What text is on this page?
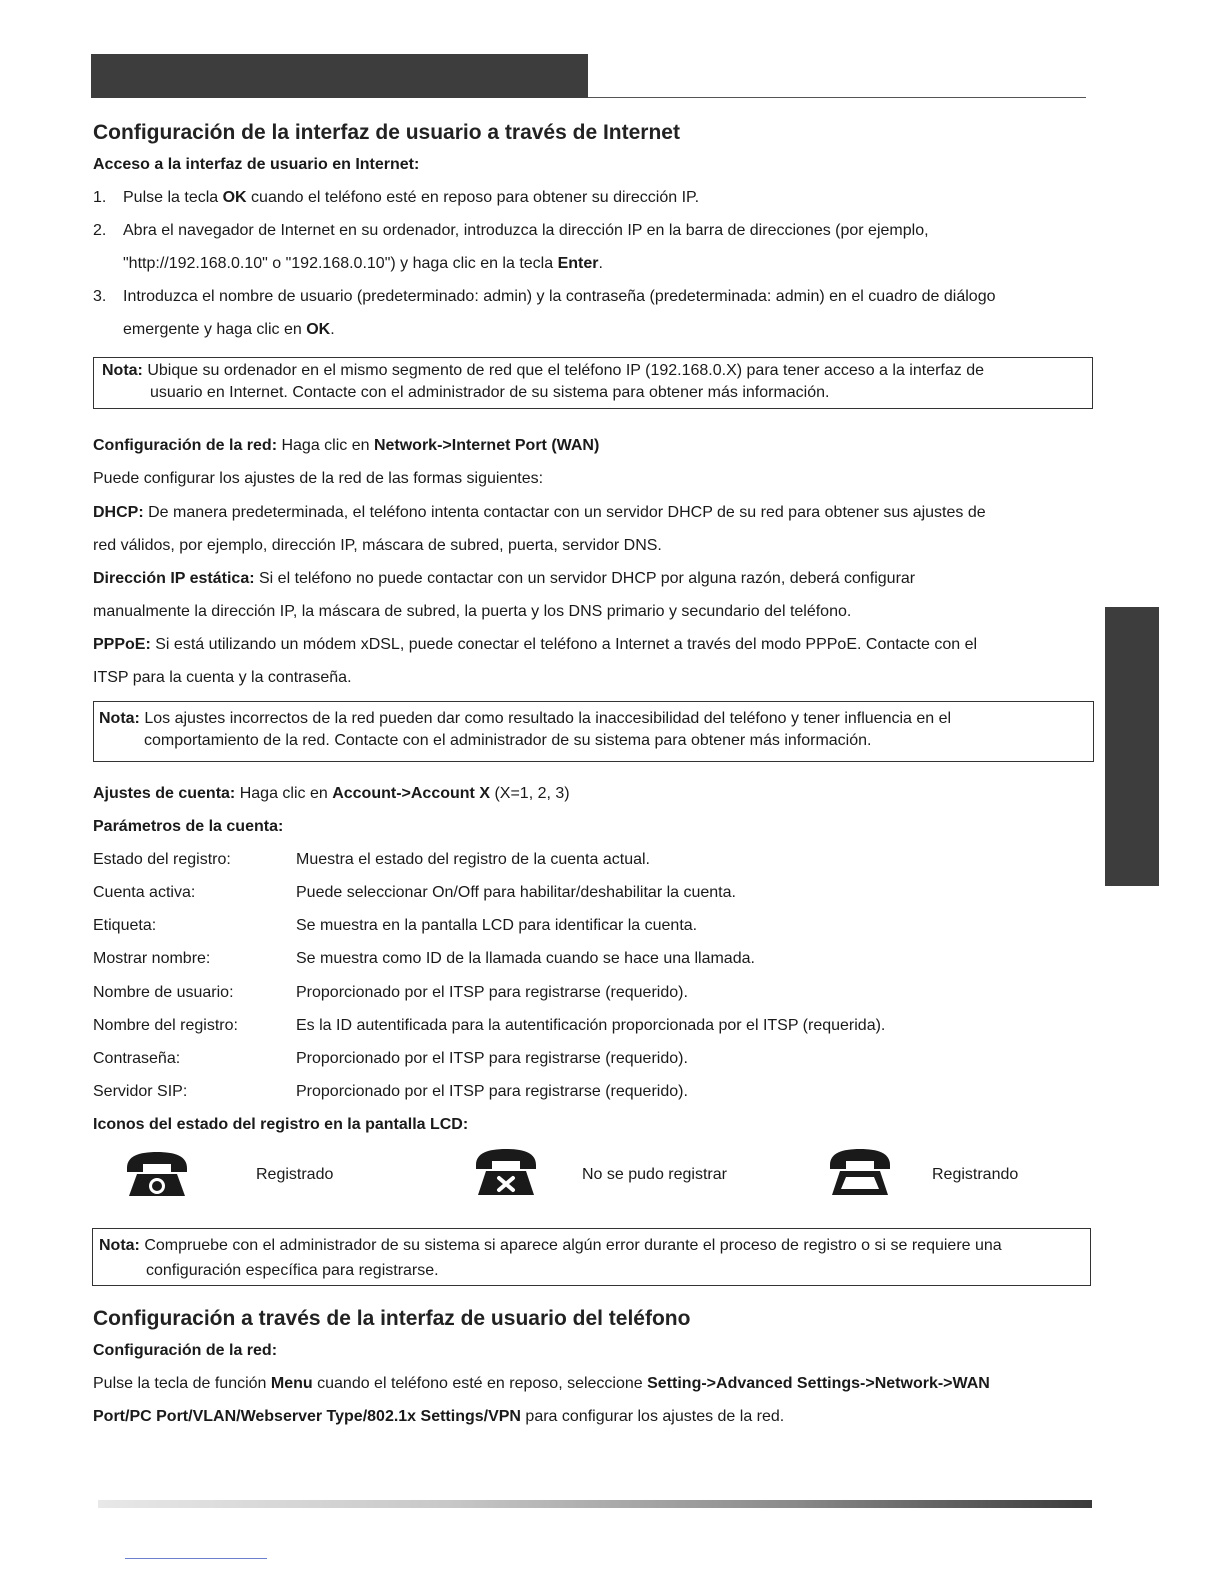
Configuración de la interfaz de usuario a través de Internet
Acceso a la interfaz de usuario en Internet:
1. Pulse la tecla OK cuando el teléfono esté en reposo para obtener su dirección IP.
2. Abra el navegador de Internet en su ordenador, introduzca la dirección IP en la barra de direcciones (por ejemplo,
"http://192.168.0.10" o "192.168.0.10") y haga clic en la tecla Enter.
3. Introduzca el nombre de usuario (predeterminado: admin) y la contraseña (predeterminada: admin) en el cuadro de diálogo
emergente y haga clic en OK.
Nota: Ubique su ordenador en el mismo segmento de red que el teléfono IP (192.168.0.X) para tener acceso a la interfaz de
usuario en Internet. Contacte con el administrador de su sistema para obtener más información.
Configuración de la red: Haga clic en Network->Internet Port (WAN)
Puede configurar los ajustes de la red de las formas siguientes:
DHCP: De manera predeterminada, el teléfono intenta contactar con un servidor DHCP de su red para obtener sus ajustes de
red válidos, por ejemplo, dirección IP, máscara de subred, puerta, servidor DNS.
Dirección IP estática: Si el teléfono no puede contactar con un servidor DHCP por alguna razón, deberá configurar
manualmente la dirección IP, la máscara de subred, la puerta y los DNS primario y secundario del teléfono.
PPPoE: Si está utilizando un módem xDSL, puede conectar el teléfono a Internet a través del modo PPPoE. Contacte con el
ITSP para la cuenta y la contraseña.
Nota: Los ajustes incorrectos de la red pueden dar como resultado la inaccesibilidad del teléfono y tener influencia en el
comportamiento de la red. Contacte con el administrador de su sistema para obtener más información.
Ajustes de cuenta: Haga clic en Account->Account X (X=1, 2, 3)
Parámetros de la cuenta:
Estado del registro:	Muestra el estado del registro de la cuenta actual.
Cuenta activa:	Puede seleccionar On/Off para habilitar/deshabilitar la cuenta.
Etiqueta:	Se muestra en la pantalla LCD para identificar la cuenta.
Mostrar nombre:	Se muestra como ID de la llamada cuando se hace una llamada.
Nombre de usuario:	Proporcionado por el ITSP para registrarse (requerido).
Nombre del registro:	Es la ID autentificada para la autentificación proporcionada por el ITSP (requerida).
Contraseña:	Proporcionado por el ITSP para registrarse (requerido).
Servidor SIP:	Proporcionado por el ITSP para registrarse (requerido).
Iconos del estado del registro en la pantalla LCD:
Registrado	No se pudo registrar	Registrando
Nota: Compruebe con el administrador de su sistema si aparece algún error durante el proceso de registro o si se requiere una
configuración específica para registrarse.
Configuración a través de la interfaz de usuario del teléfono
Configuración de la red:
Pulse la tecla de función Menu cuando el teléfono esté en reposo, seleccione Setting->Advanced Settings->Network->WAN
Port/PC Port/VLAN/Webserver Type/802.1x Settings/VPN para configurar los ajustes de la red.
